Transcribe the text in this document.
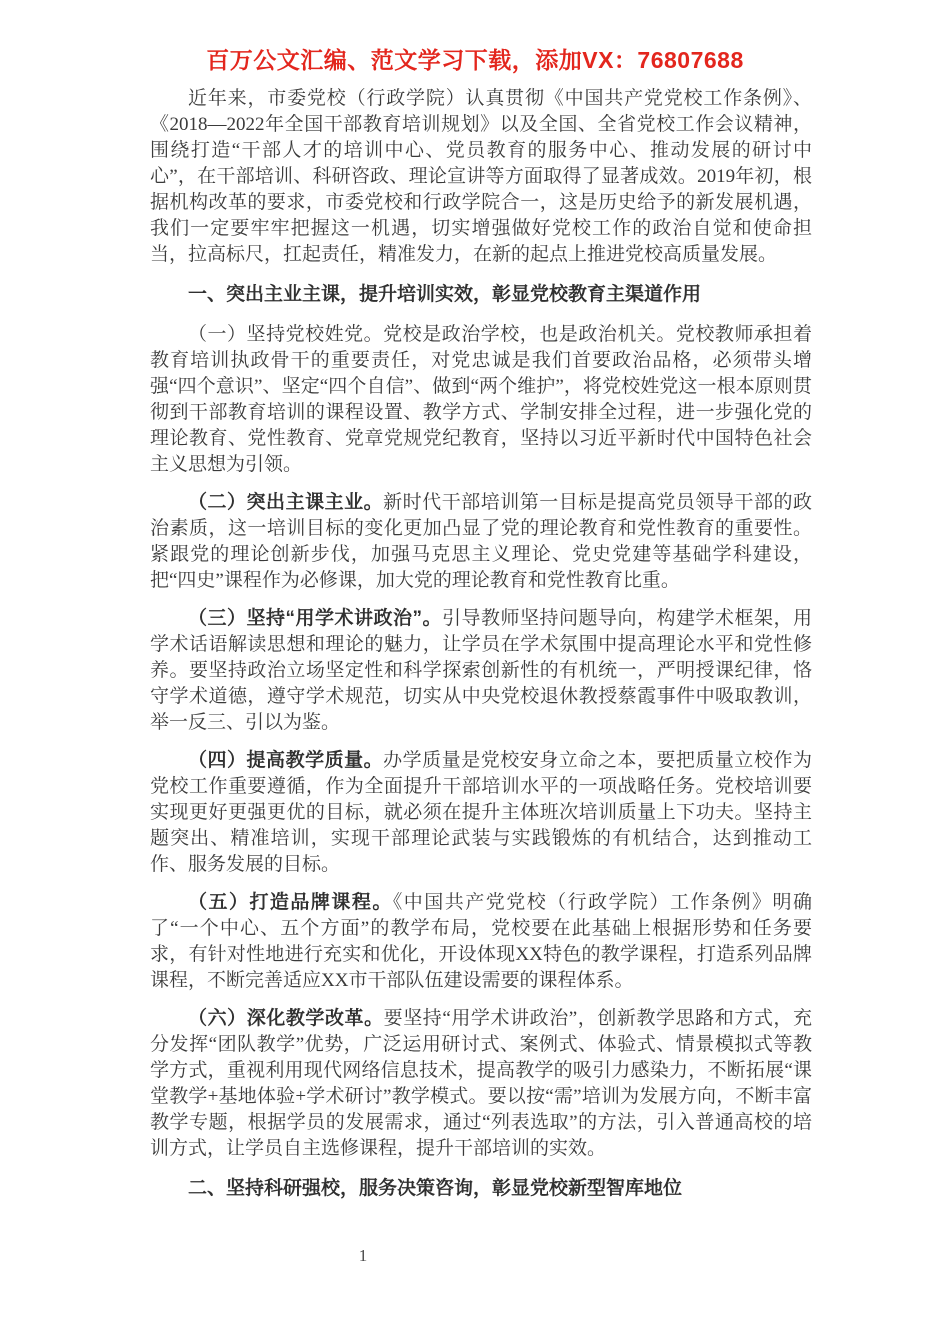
百万公文汇编、范文学习下载，添加VX：76807688

近年来，市委党校（行政学院）认真贯彻《中国共产党党校工作条例》、《2018—2022年全国干部教育培训规划》以及全国、全省党校工作会议精神，围绕打造“干部人才的培训中心、党员教育的服务中心、推动发展的研讨中心”，在干部培训、科研咨政、理论宣讲等方面取得了显著成效。2019年初，根据机构改革的要求，市委党校和行政学院合一，这是历史给予的新发展机遇，我们一定要牢牢把握这一机遇，切实增强做好党校工作的政治自觉和使命担当，拉高标尺，扛起责任，精准发力，在新的起点上推进党校高质量发展。

一、突出主业主课，提升培训实效，彰显党校教育主渠道作用

（一）坚持党校姓党。党校是政治学校，也是政治机关。党校教师承担着教育培训执政骨干的重要责任，对党忠诚是我们首要政治品格，必须带头增强“四个意识”、坚定“四个自信”、做到“两个维护”，将党校姓党这一根本原则贯彻到干部教育培训的课程设置、教学方式、学制安排全过程，进一步强化党的理论教育、党性教育、党章党规党纪教育，坚持以习近平新时代中国特色社会主义思想为引领。

（二）突出主课主业。新时代干部培训第一目标是提高党员领导干部的政治素质，这一培训目标的变化更加凸显了党的理论教育和党性教育的重要性。紧跟党的理论创新步伐，加强马克思主义理论、党史党建等基础学科建设，把“四史”课程作为必修课，加大党的理论教育和党性教育比重。

（三）坚持“用学术讲政治”。引导教师坚持问题导向，构建学术框架，用学术话语解读思想和理论的魅力，让学员在学术氛围中提高理论水平和党性修养。要坚持政治立场坚定性和科学探索创新性的有机统一，严明授课纪律，恪守学术道德，遵守学术规范，切实从中央党校退休教授蔡霞事件中吸取教训，举一反三、引以为鉴。

（四）提高教学质量。办学质量是党校安身立命之本，要把质量立校作为党校工作重要遵循，作为全面提升干部培训水平的一项战略任务。党校培训要实现更好更强更优的目标，就必须在提升主体班次培训质量上下功夫。坚持主题突出、精准培训，实现干部理论武装与实践锻炼的有机结合，达到推动工作、服务发展的目标。

（五）打造品牌课程。《中国共产党党校（行政学院）工作条例》明确了“一个中心、五个方面”的教学布局，党校要在此基础上根据形势和任务要求，有针对性地进行充实和优化，开设体现XX特色的教学课程，打造系列品牌课程，不断完善适应XX市干部队伍建设需要的课程体系。

（六）深化教学改革。要坚持“用学术讲政治”，创新教学思路和方式，充分发挥“团队教学”优势，广泛运用研讨式、案例式、体验式、情景模拟式等教学方式，重视利用现代网络信息技术，提高教学的吸引力感染力，不断拓展“课堂教学+基地体验+学术研讨”教学模式。要以按“需”培训为发展方向，不断丰富教学专题，根据学员的发展需求，通过“列表选取”的方法，引入普通高校的培训方式，让学员自主选修课程，提升干部培训的实效。

二、坚持科研强校，服务决策咨询，彰显党校新型智库地位

1
